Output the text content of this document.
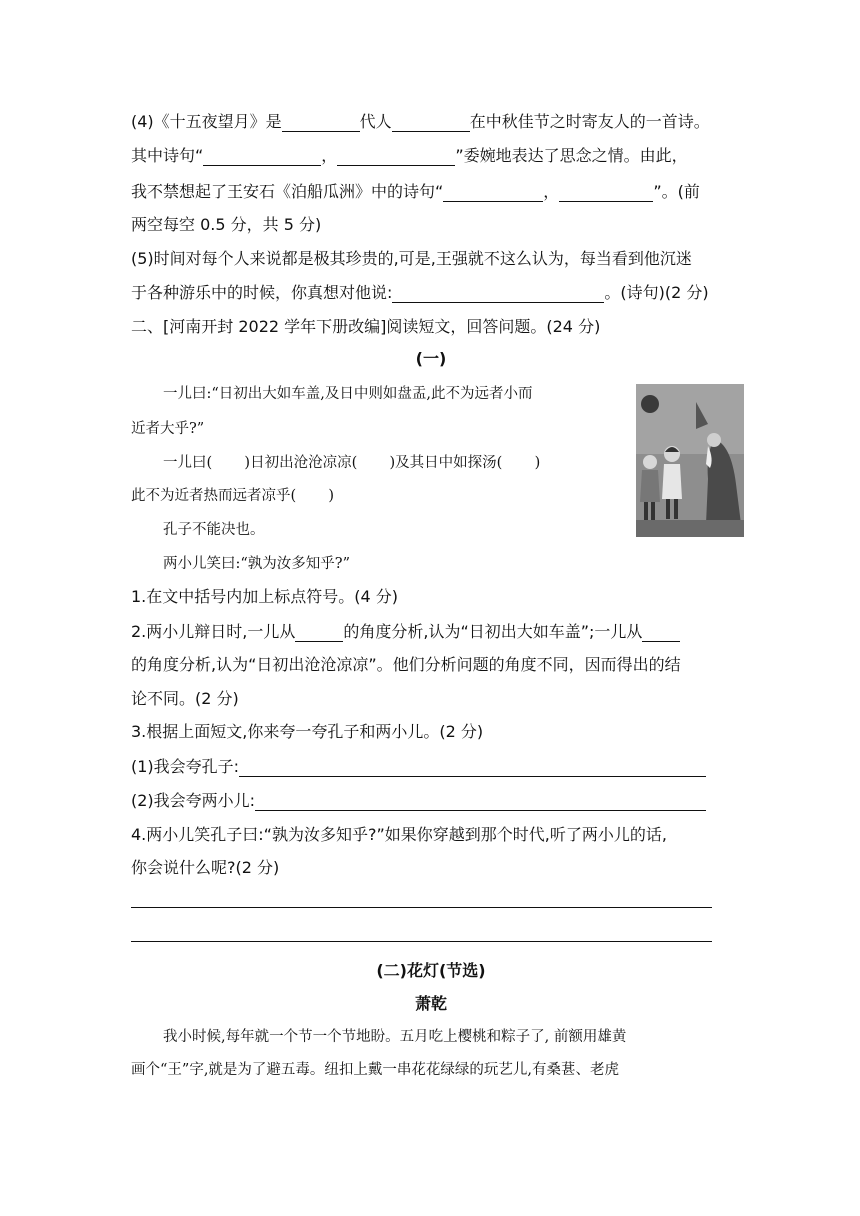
(4)《十五夜望月》是	代人	在中秋佳节之时寄友人的一首诗。
其中诗句“	，	”委婉地表达了思念之情。由此，
我不禁想起了王安石《泊船瓜洲》中的诗句“	，	”。(前
两空每空 0.5 分，共 5 分)
(5)时间对每个人来说都是极其珍贵的,可是,王强就不这么认为，每当看到他沉迷
于各种游乐中的时候，你真想对他说:	。(诗句)(2 分)
二、[河南开封 2022 学年下册改编]阅读短文，回答问题。(24 分)
(一)
一儿曰:“日初出大如车盖,及日中则如盘盂,此不为远者小而
近者大乎?”
一儿曰(       )日初出沧沧凉凉(       )及其日中如探汤(       )
此不为近者热而远者凉乎(       )
孔子不能决也。
两小儿笑曰:“孰为汝多知乎?”
1.在文中括号内加上标点符号。(4 分)
2.两小儿辩日时,一儿从	的角度分析,认为“日初出大如车盖”;一儿从
的角度分析,认为“日初出沧沧凉凉”。他们分析问题的角度不同，因而得出的结
论不同。(2 分)
3.根据上面短文,你来夸一夸孔子和两小儿。(2 分)
(1)我会夸孔子:
(2)我会夸两小儿:
4.两小儿笑孔子曰:“孰为汝多知乎?”如果你穿越到那个时代,听了两小儿的话,
你会说什么呢?(2 分)
(二)花灯(节选)
萧乾
我小时候,每年就一个节一个节地盼。五月吃上樱桃和粽子了, 前额用雄黄
画个“王”字,就是为了避五毒。纽扣上戴一串花花绿绿的玩艺儿,有桑葚、老虎
